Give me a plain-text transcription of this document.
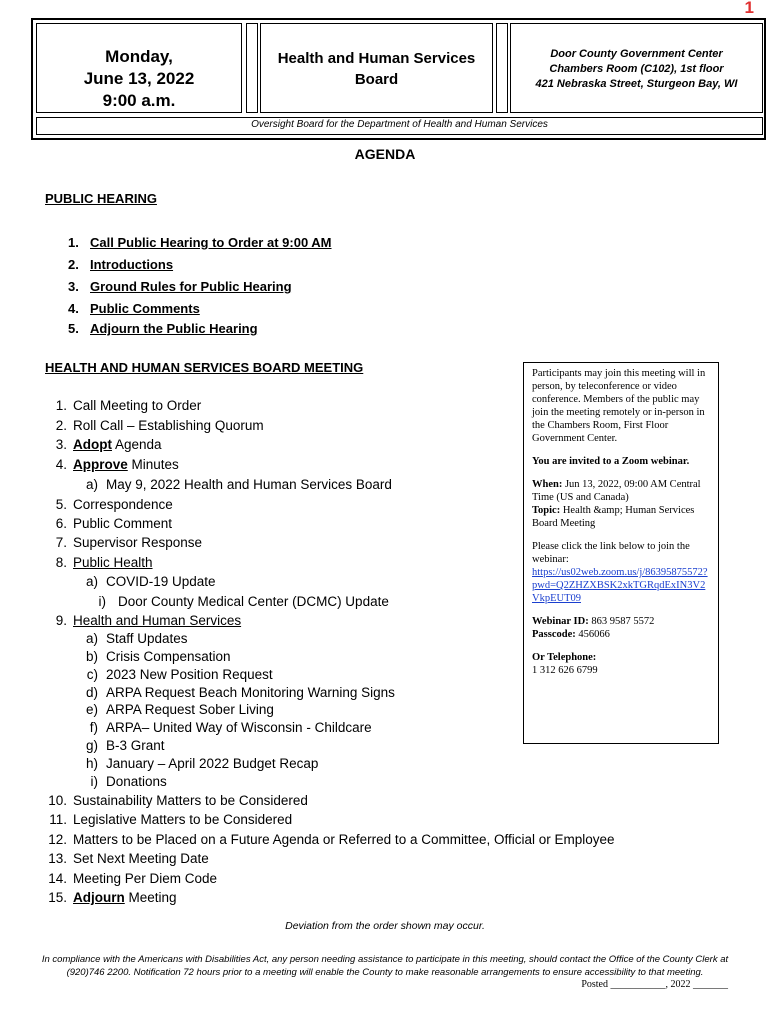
1
Monday,
June 13, 2022
9:00 a.m.
Health and Human Services
Board
Door County Government Center
Chambers Room (C102), 1st floor
421 Nebraska Street, Sturgeon Bay, WI
Oversight Board for the Department of Health and Human Services
AGENDA
PUBLIC HEARING
1. Call Public Hearing to Order at 9:00 AM
2. Introductions
3. Ground Rules for Public Hearing
4. Public Comments
5. Adjourn the Public Hearing
HEALTH AND HUMAN SERVICES BOARD MEETING
1. Call Meeting to Order
2. Roll Call – Establishing Quorum
3. Adopt Agenda
4. Approve Minutes
a) May 9, 2022 Health and Human Services Board
5. Correspondence
6. Public Comment
7. Supervisor Response
8. Public Health
a) COVID-19 Update
i) Door County Medical Center (DCMC) Update
9. Health and Human Services
a) Staff Updates
b) Crisis Compensation
c) 2023 New Position Request
d) ARPA Request Beach Monitoring Warning Signs
e) ARPA Request Sober Living
f) ARPA– United Way of Wisconsin - Childcare
g) B-3 Grant
h) January – April 2022 Budget Recap
i) Donations
10. Sustainability Matters to be Considered
11. Legislative Matters to be Considered
12. Matters to be Placed on a Future Agenda or Referred to a Committee, Official or Employee
13. Set Next Meeting Date
14. Meeting Per Diem Code
15. Adjourn Meeting

Participants may join this meeting will in person, by teleconference or video conference. Members of the public may join the meeting remotely or in-person in the Chambers Room, First Floor Government Center.

You are invited to a Zoom webinar.

When: Jun 13, 2022, 09:00 AM Central Time (US and Canada)
Topic: Health &amp; Human Services Board Meeting

Please click the link below to join the webinar:
https://us02web.zoom.us/j/86395875572?pwd=Q2ZHZXBSK2xkTGRqdExIN3V2VkpEUT09

Webinar ID: 863 9587 5572
Passcode: 456066

Or Telephone:
1 312 626 6799

Deviation from the order shown may occur.
In compliance with the Americans with Disabilities Act, any person needing assistance to participate in this meeting, should contact the Office of the County Clerk at (920)746 2200. Notification 72 hours prior to a meeting will enable the County to make reasonable arrangements to ensure accessibility to that meeting.
Posted ___________, 2022 _______
